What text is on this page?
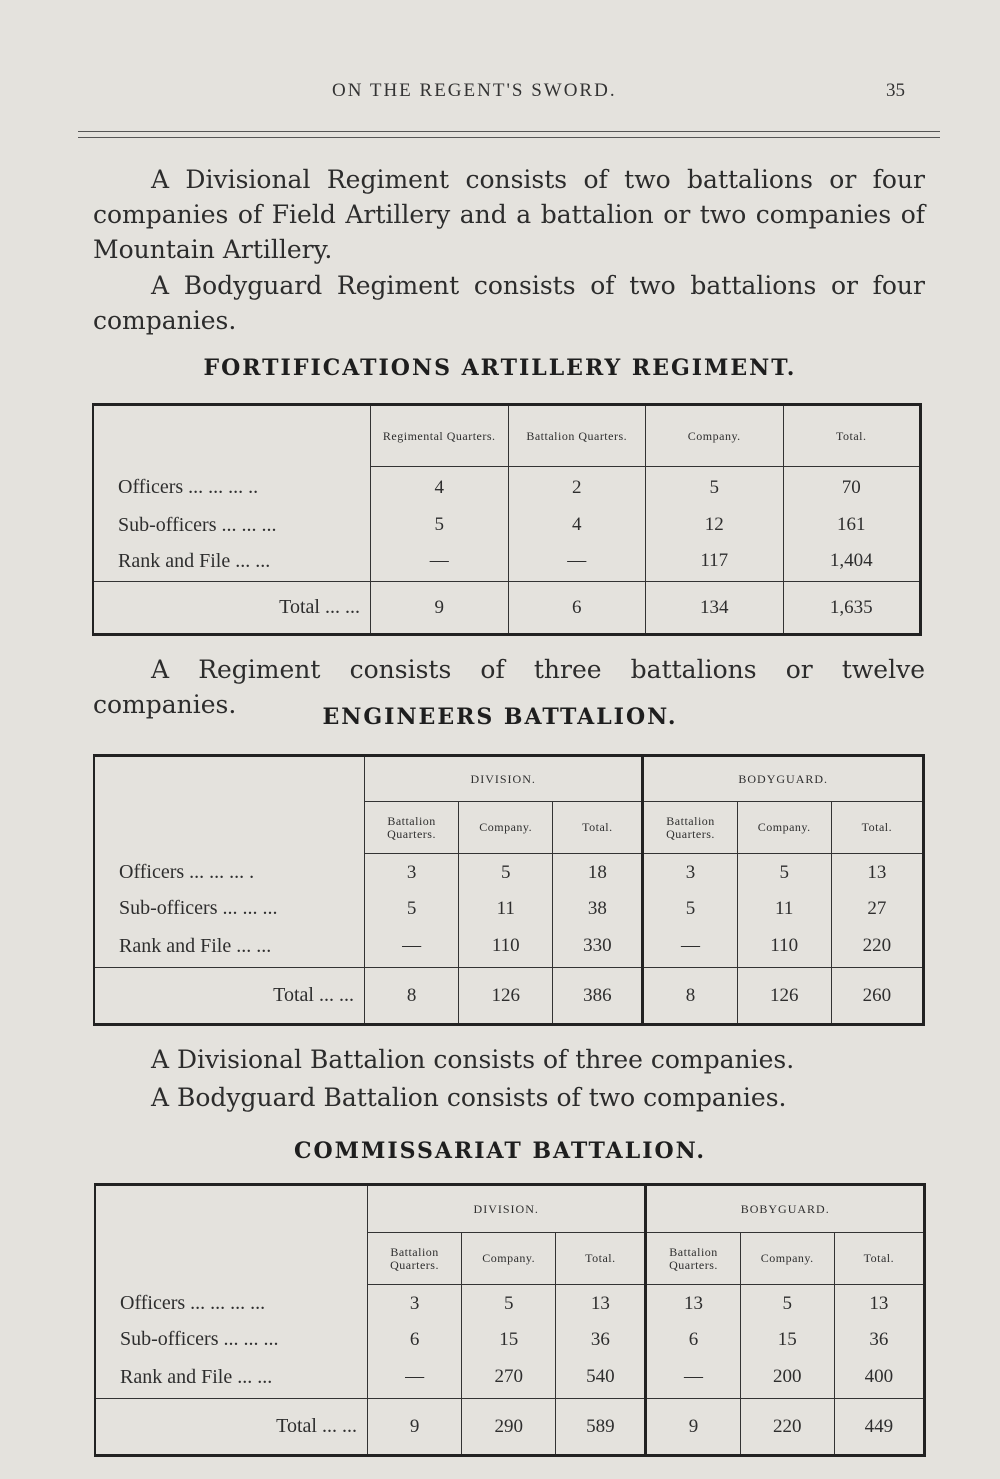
ON THE REGENT'S SWORD.	35
A Divisional Regiment consists of two battalions or four companies of Field Artillery and a battalion or two companies of Mountain Artillery.
A Bodyguard Regiment consists of two battalions or four companies.
FORTIFICATIONS ARTILLERY REGIMENT.
	Regimental Quarters.	Battalion Quarters.	Company.	Total.
Officers ... ... ... ..	4	2	5	70
Sub-officers ... ... ...	5	4	12	161
Rank and File ... ...	—	—	117	1,404
Total ... ...	9	6	134	1,635
A Regiment consists of three battalions or twelve companies.	ENGINEERS BATTALION.
	DIVISION.			BODYGUARD.		
	Battalion Quarters.	Company.	Total.	Battalion Quarters.	Company.	Total.
Officers ... ... ... .	3	5	18	3	5	13
Sub-officers ... ... ...	5	11	38	5	11	27
Rank and File ... ...	—	110	330	—	110	220
Total ... ...	8	126	386	8	126	260
A Divisional Battalion consists of three companies.
A Bodyguard Battalion consists of two companies.
COMMISSARIAT BATTALION.
	DIVISION.			BOBYGUARD.		
	Battalion Quarters.	Company.	Total.	Battalion Quarters.	Company.	Total.
Officers ... ... ... ...	3	5	13	13	5	13
Sub-officers ... ... ...	6	15	36	6	15	36
Rank and File ... ...	—	270	540	—	200	400
Total ... ...	9	290	589	9	220	449
